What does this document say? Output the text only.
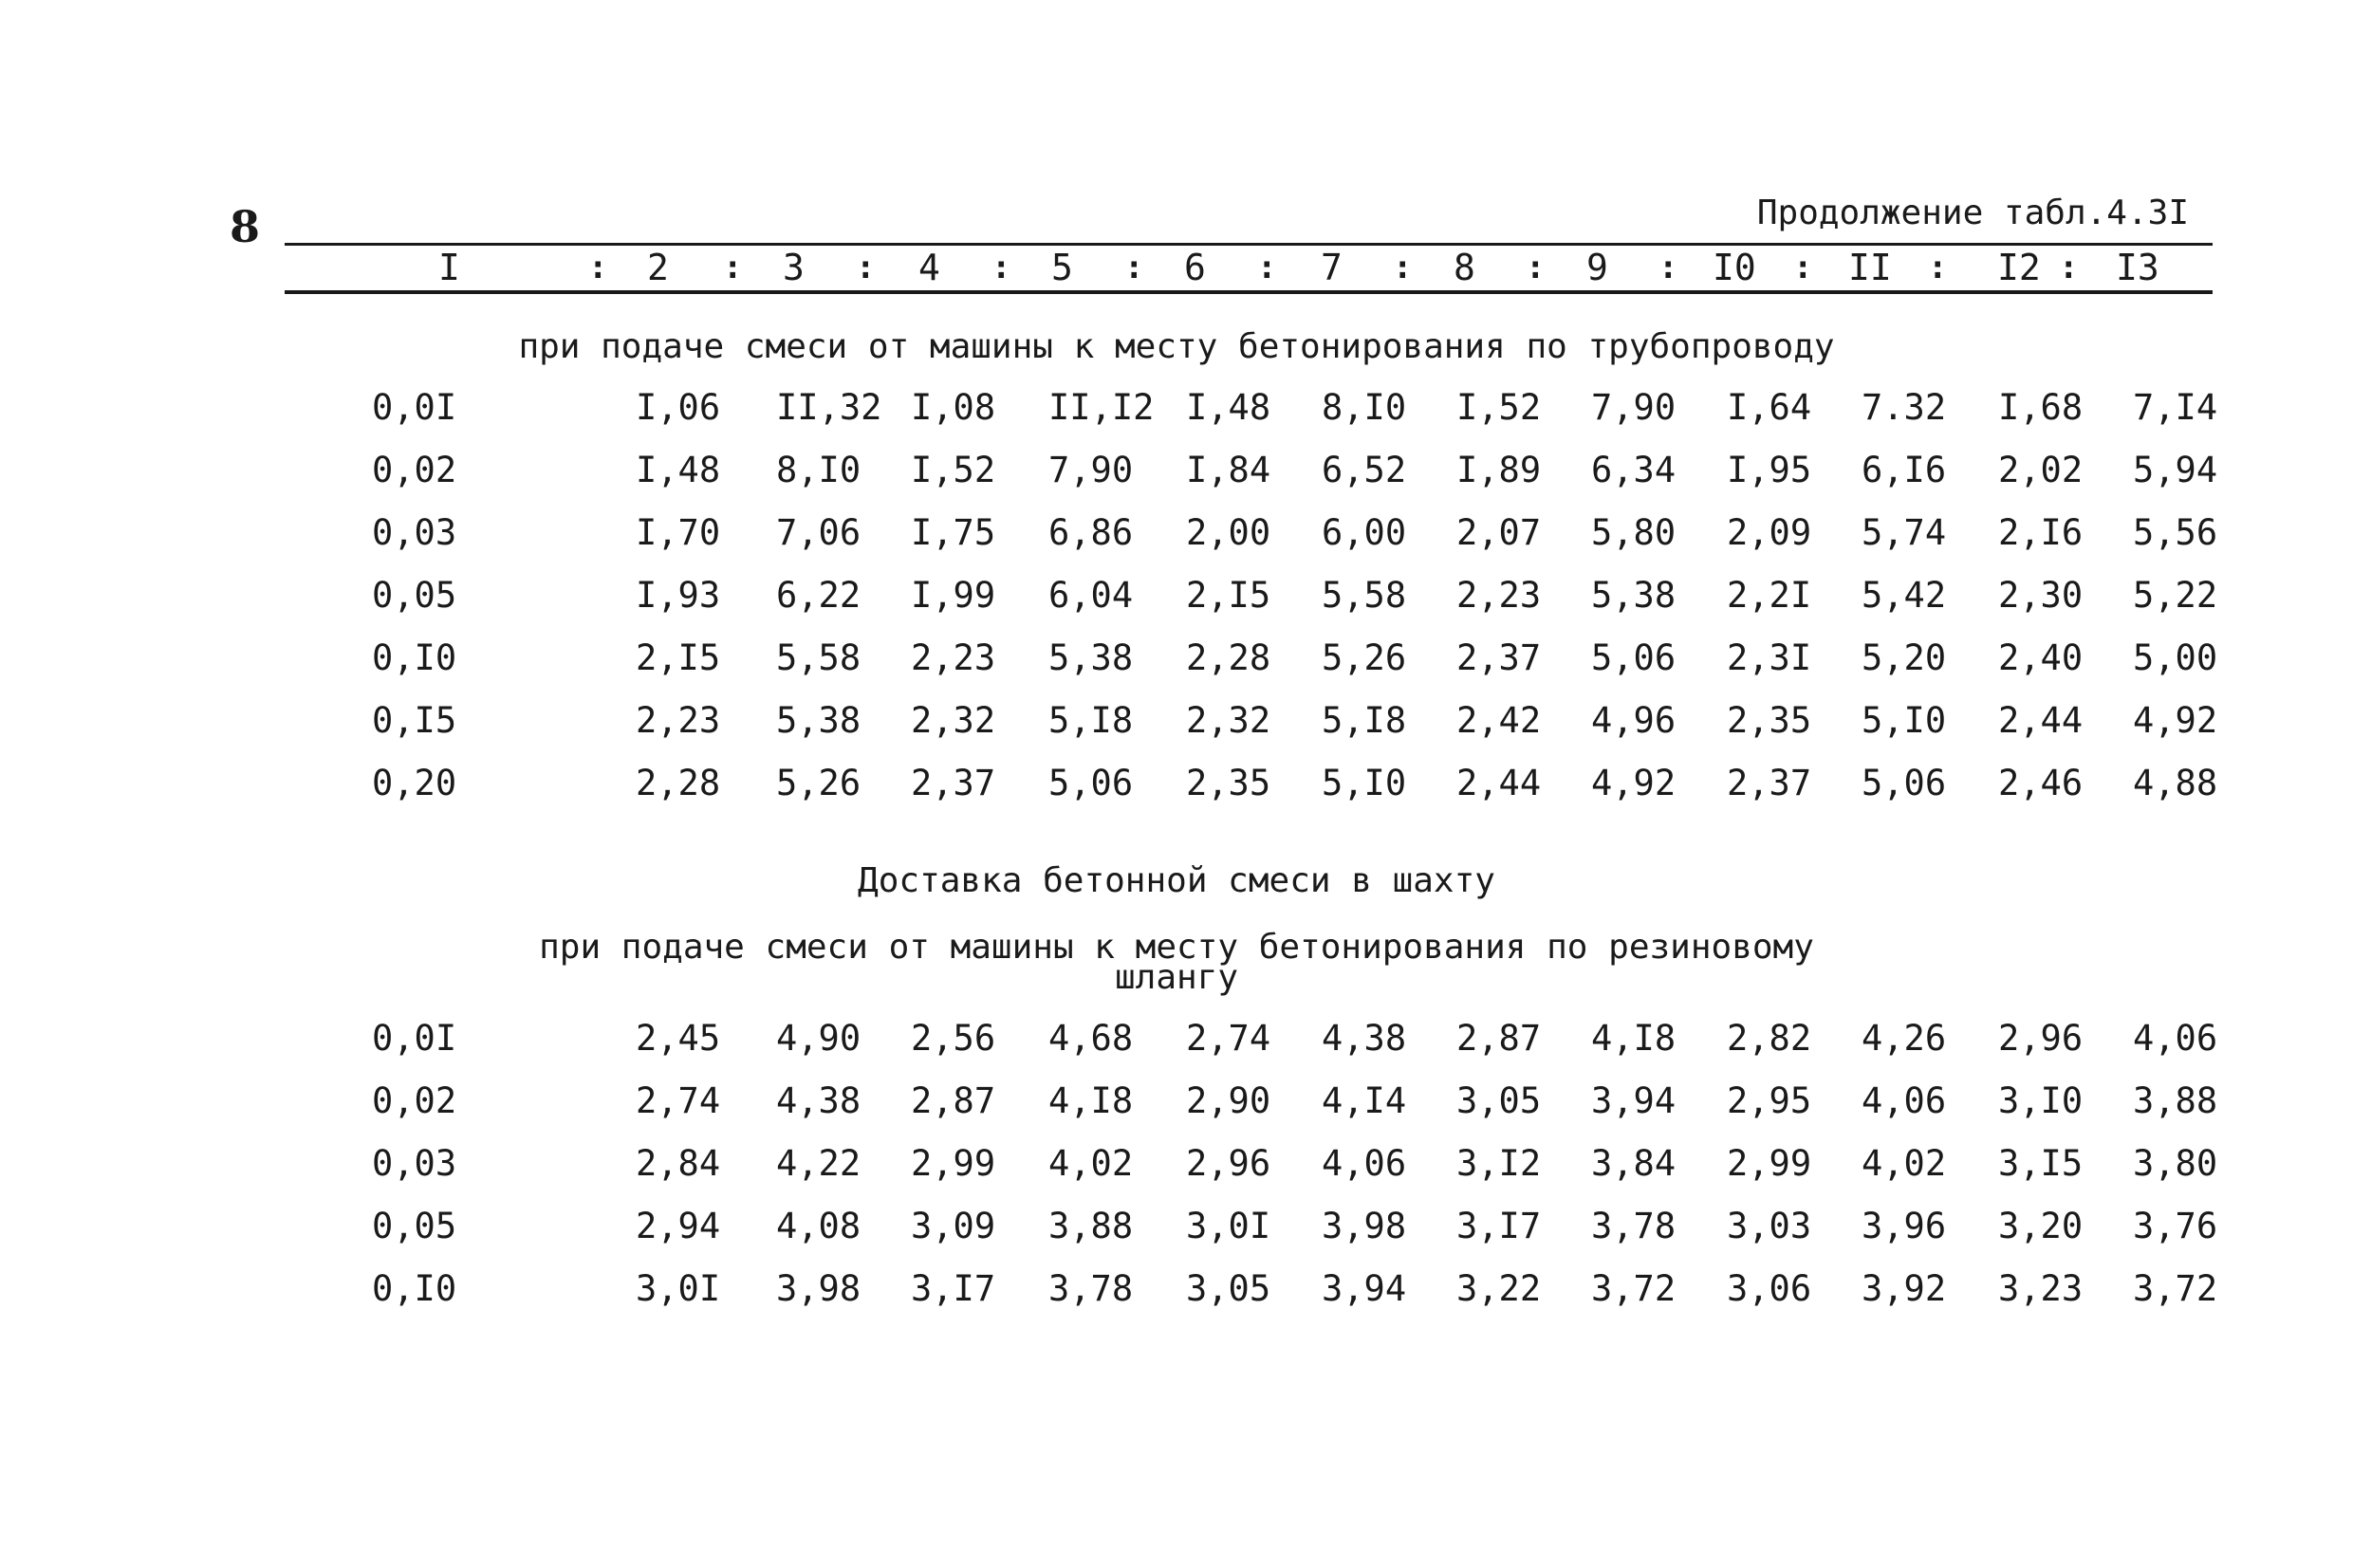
8	Продолжение табл.4.3I
I	2	3	4	5	6	7	8	9	I0	II	I2 I3
:	:	:	:	:	:	:	:	:	:	:	:
при подаче смеси от машины к месту бетонирования по трубопроводу
0,0I	I,06 II,32 I,08 II,I2 I,48 8,I0 I,52 7,90 I,64 7.32 I,68 7,I4
0,02	I,48 8,I0 I,52 7,90 I,84 6,52 I,89 6,34 I,95 6,I6 2,02 5,94
0,03	I,70 7,06 I,75 6,86 2,00 6,00 2,07 5,80 2,09 5,74 2,I6 5,56
0,05	I,93 6,22 I,99 6,04 2,I5 5,58 2,23 5,38 2,2I 5,42 2,30 5,22
0,I0	2,I5 5,58 2,23 5,38 2,28 5,26 2,37 5,06 2,3I 5,20 2,40 5,00
0,I5	2,23 5,38 2,32 5,I8 2,32 5,I8 2,42 4,96 2,35 5,I0 2,44 4,92
0,20	2,28 5,26 2,37 5,06 2,35 5,I0 2,44 4,92 2,37 5,06 2,46 4,88
Доставка бетонной смеси в шахту
при подаче смеси от машины к месту бетонирования по резиновому
шлангу
0,0I	2,45 4,90 2,56 4,68 2,74 4,38 2,87 4,I8 2,82 4,26 2,96 4,06
0,02	2,74 4,38 2,87 4,I8 2,90 4,I4 3,05 3,94 2,95 4,06 3,I0 3,88
0,03	2,84 4,22 2,99 4,02 2,96 4,06 3,I2 3,84 2,99 4,02 3,I5 3,80
0,05	2,94 4,08 3,09 3,88 3,0I 3,98 3,I7 3,78 3,03 3,96 3,20 3,76
0,I0	3,0I 3,98 3,I7 3,78 3,05 3,94 3,22 3,72 3,06 3,92 3,23 3,72
